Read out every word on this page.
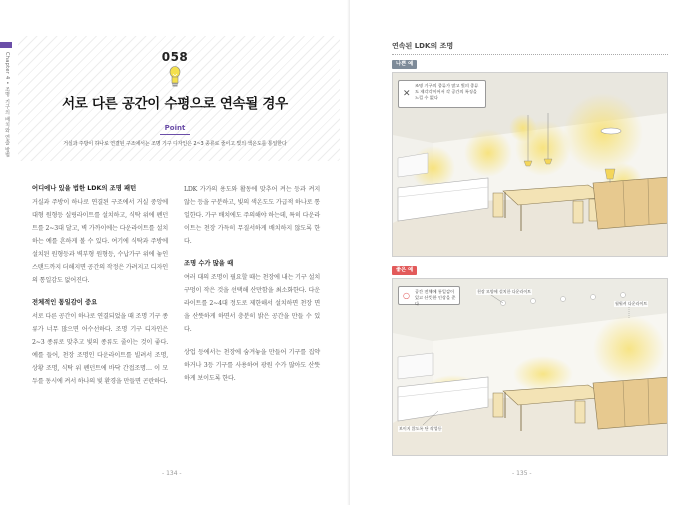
Chapter 4 • 조명 기구의 배치와 연출 방법	058
서로 다른 공간이 수평으로 연속될 경우
Point
거실과 주방이 하나로 연결된 구조에서는 조명 기구 디자인은 2~3 종류로 줄이고 빛의 색온도를 통일한다
어디에나 있을 법한 LDK의 조명 패턴
거실과 주방이 하나로 연결된 구조에서 거실 중앙에 대형 원형등 실링라이트를 설치하고, 식탁 위에 펜던트를 2~3대 달고, 벽 가까이에는 다운라이트를 설치하는 예를 흔하게 볼 수 있다. 여기에 식탁과 주방에 설치된 원형등과 벽부형 원형등, 수납가구 위에 놓인 스탠드까지 더해지면 공간의 작정은 가려지고 디자인의 통일감도 없어진다.
전체적인 통일감이 중요
서로 다른 공간이 하나로 연결되었을 때 조명 기구 종류가 너무 많으면 어수선하다. 조명 기구 디자인은 2~3 종류로 맞추고 빛의 종류도 줄이는 것이 좋다. 예를 들어, 천장 조명인 다운라이트를 빌려서 조명, 상황 조명, 식탁 위 펜던트에 바닥 간접조명… 이 모두를 동시에 켜서 하나의 빛 환경을 만들면 곤란하다.
LDK 가가의 용도와 활동에 맞추어 켜는 등과 켜지 않는 등을 구분하고, 빛의 색온도도 가급적 하나로 통일한다. 가구 배치에도 주의해야 하는데, 특히 다운라이트는 천장 가득히 무질서하게 배치하지 않도록 한다.
조명 수가 많을 때
여러 대의 조명이 필요할 때는 천장에 내는 기구 설치 구멍이 작은 것을 선택해 산만함을 최소화한다. 다운라이트를 2~4대 정도로 제한해서 설치하면 천장 면을 산뜻하게 하면서 충분히 밝은 공간을 만들 수 있다.
상업 등에서는 천장에 숨겨놓을 만들어 기구를 집약하거나 3등 기구를 사용하여 광원 수가 많아도 산뜻하게 보이도록 한다.
- 134 -
연속된 LDK의 조명
나쁜 예
✕
조명 기구의 종류가 많고 빛의 종류도 제각각이어서 각 공간의 특징을 느낄 수 없다
좋은 예
○ 공간 전체에 통일감이 있고 산뜻한 인상을 준다
천장 모양에 설치한 다운라이트
월워셔 다운라이트
보이지 않도록 단 작업등
- 135 -
